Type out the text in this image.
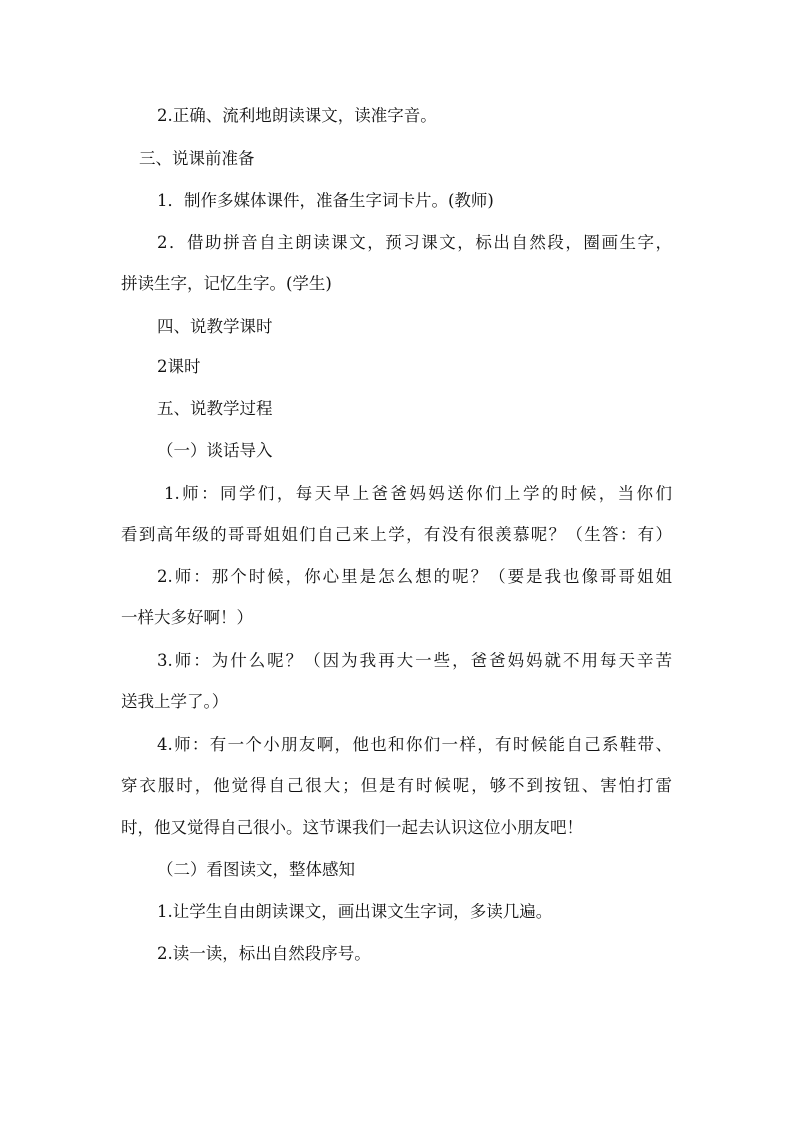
2.正确、流利地朗读课文，读准字音。
三、说课前准备
1．制作多媒体课件，准备生字词卡片。(教师)
2．借助拼音自主朗读课文，预习课文，标出自然段，圈画生字，
拼读生字，记忆生字。(学生)
四、说教学课时
2课时
五、说教学过程
（一）谈话导入
1.师：同学们，每天早上爸爸妈妈送你们上学的时候，当你们
看到高年级的哥哥姐姐们自己来上学，有没有很羡慕呢？（生答：有）
2.师：那个时候，你心里是怎么想的呢？（要是我也像哥哥姐姐
一样大多好啊！）
3.师：为什么呢？（因为我再大一些，爸爸妈妈就不用每天辛苦
送我上学了。）
4.师：有一个小朋友啊，他也和你们一样，有时候能自己系鞋带、
穿衣服时，他觉得自己很大；但是有时候呢，够不到按钮、害怕打雷
时，他又觉得自己很小。这节课我们一起去认识这位小朋友吧！
（二）看图读文，整体感知
1.让学生自由朗读课文，画出课文生字词，多读几遍。
2.读一读，标出自然段序号。
